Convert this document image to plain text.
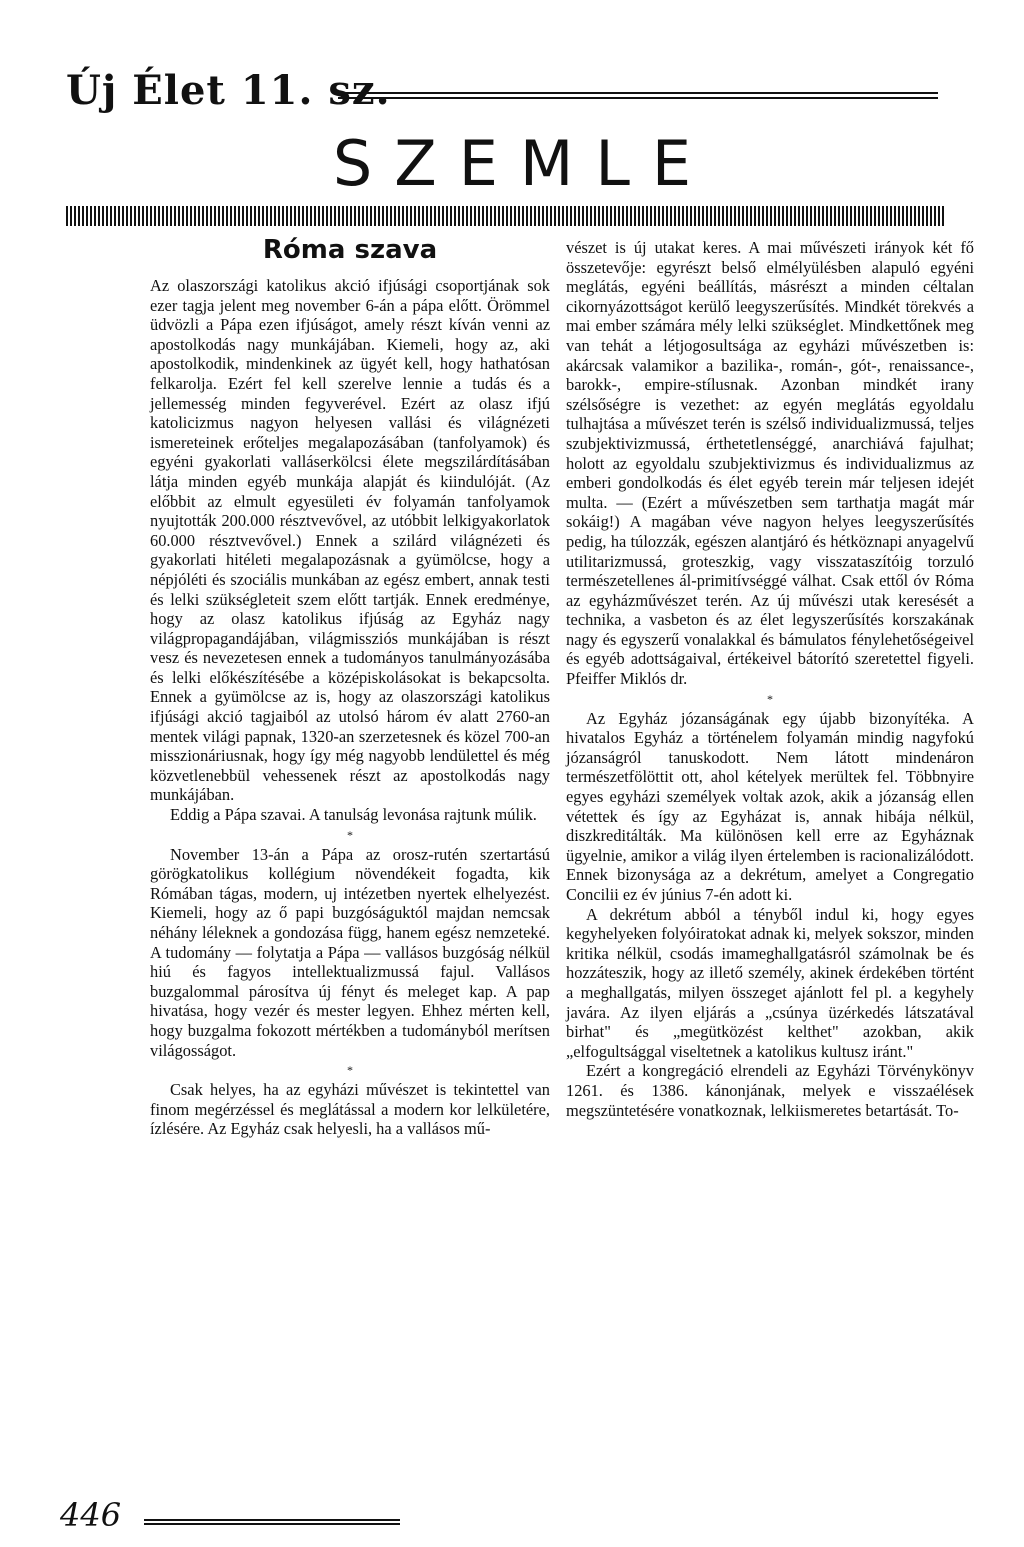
Új Élet 11. sz.
SZEMLE
Róma szava

Az olaszországi katolikus akció ifjúsági csoportjának sok ezer tagja jelent meg november 6-án a pápa előtt. Örömmel üdvözli a Pápa ezen ifjúságot, amely részt kíván venni az apostolkodás nagy munkájában. Kiemeli, hogy az, aki apostolkodik, mindenkinek az ügyét kell, hogy hathatósan felkarolja. Ezért fel kell szerelve lennie a tudás és a jellemesség minden fegyverével. Ezért az olasz ifjú katolicizmus nagyon helyesen vallási és világnézeti ismereteinek erőteljes megalapozásában (tanfolyamok) és egyéni gyakorlati valláserkölcsi élete megszilárdításában látja minden egyéb munkája alapját és kiindulóját. (Az előbbit az elmult egyesületi év folyamán tanfolyamok nyujtották 200.000 résztvevővel, az utóbbit lelkigyakorlatok 60.000 résztvevővel.) Ennek a szilárd világnézeti és gyakorlati hitéleti megalapozásnak a gyümölcse, hogy a népjóléti és szociális munkában az egész embert, annak testi és lelki szükségleteit szem előtt tartják. Ennek eredménye, hogy az olasz katolikus ifjúság az Egyház nagy világpropagandájában, világmissziós munkájában is részt vesz és nevezetesen ennek a tudományos tanulmányozásába és lelki előkészítésébe a középiskolásokat is bekapcsolta. Ennek a gyümölcse az is, hogy az olaszországi katolikus ifjúsági akció tagjaiból az utolsó három év alatt 2760-an mentek világi papnak, 1320-an szerzetesnek és közel 700-an misszionáriusnak, hogy így még nagyobb lendülettel és még közvetlenebbül vehessenek részt az apostolkodás nagy munkájában.

Eddig a Pápa szavai. A tanulság levonása rajtunk múlik.

*

November 13-án a Pápa az orosz-rutén szertartású görögkatolikus kollégium növendékeit fogadta, kik Rómában tágas, modern, uj intézetben nyertek elhelyezést. Kiemeli, hogy az ő papi buzgóságuktól majdan nemcsak néhány léleknek a gondozása függ, hanem egész nemzeteké. A tudomány — folytatja a Pápa — vallásos buzgóság nélkül hiú és fagyos intellektualizmussá fajul. Vallásos buzgalommal párosítva új fényt és meleget kap. A pap hivatása, hogy vezér és mester legyen. Ehhez mérten kell, hogy buzgalma fokozott mértékben a tudományból merítsen világosságot.

*

Csak helyes, ha az egyházi művészet is tekintettel van finom megérzéssel és meglátással a modern kor lelkületére, ízlésére. Az Egyház csak helyesli, ha a vallásos mű-

vészet is új utakat keres. A mai művészeti irányok két fő összetevője: egyrészt belső elmélyülésben alapuló egyéni meglátás, egyéni beállítás, másrészt a minden céltalan cikornyázottságot kerülő leegyszerűsítés. Mindkét törekvés a mai ember számára mély lelki szükséglet. Mindkettőnek meg van tehát a létjogosultsága az egyházi művészetben is: akárcsak valamikor a bazilika-, román-, gót-, renaissance-, barokk-, empire-stílusnak. Azonban mindkét irany szélsőségre is vezethet: az egyén meglátás egyoldalu tulhajtása a művészet terén is szélső individualizmussá, teljes szubjektivizmussá, érthetetlenséggé, anarchiává fajulhat; holott az egyoldalu szubjektivizmus és individualizmus az emberi gondolkodás és élet egyéb terein már teljesen idejét multa. — (Ezért a művészetben sem tarthatja magát már sokáig!) A magában véve nagyon helyes leegyszerűsítés pedig, ha túlozzák, egészen alantjáró és hétköznapi anyagelvű utilitarizmussá, groteszkig, vagy visszataszítóig torzuló természetellenes ál-primitívséggé válhat. Csak ettől óv Róma az egyházművészet terén. Az új művészi utak keresését a technika, a vasbeton és az élet legyszerűsítés korszakának nagy és egyszerű vonalakkal és bámulatos fénylehetőségeivel és egyéb adottságaival, értékeivel bátorító szeretettel figyeli. Pfeiffer Miklós dr.

*

Az Egyház józanságának egy újabb bizonyítéka. A hivatalos Egyház a történelem folyamán mindig nagyfokú józanságról tanuskodott. Nem látott mindenáron természetfölöttit ott, ahol kételyek merültek fel. Többnyire egyes egyházi személyek voltak azok, akik a józanság ellen vétettek és így az Egyházat is, annak hibája nélkül, diszkreditálták. Ma különösen kell erre az Egyháznak ügyelnie, amikor a világ ilyen értelemben is racionalizálódott. Ennek bizonysága az a dekrétum, amelyet a Congregatio Concilii ez év június 7-én adott ki.

A dekrétum abból a tényből indul ki, hogy egyes kegyhelyeken folyóiratokat adnak ki, melyek sokszor, minden kritika nélkül, csodás imameghallgatásról számolnak be és hozzáteszik, hogy az illető személy, akinek érdekében történt a meghallgatás, milyen összeget ajánlott fel pl. a kegyhely javára. Az ilyen eljárás a „csúnya üzérkedés látszatával birhat" és „megütközést kelthet" azokban, akik „elfogultsággal viseltetnek a katolikus kultusz iránt."

Ezért a kongregáció elrendeli az Egyházi Törvénykönyv 1261. és 1386. kánonjának, melyek e visszaélések megszüntetésére vonatkoznak, lelkiismeretes betartását. To-

446
